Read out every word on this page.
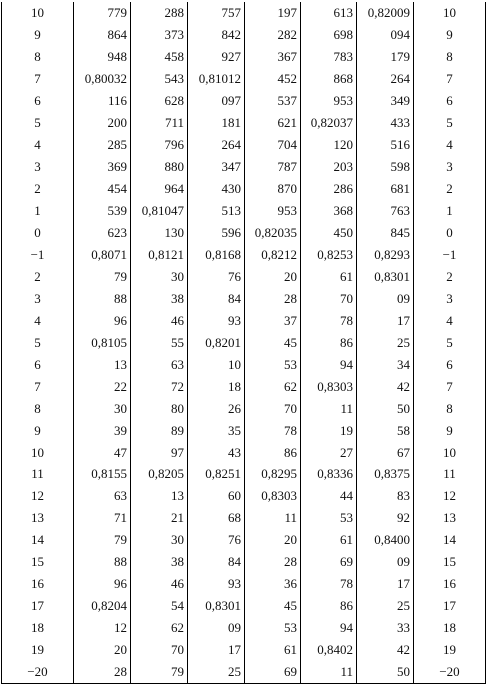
10	779	288	757	197	613	0,82009	10
9	864	373	842	282	698	094	9
8	948	458	927	367	783	179	8
7	0,80032	543	0,81012	452	868	264	7
6	116	628	097	537	953	349	6
5	200	711	181	621	0,82037	433	5
4	285	796	264	704	120	516	4
3	369	880	347	787	203	598	3
2	454	964	430	870	286	681	2
1	539	0,81047	513	953	368	763	1
0	623	130	596	0,82035	450	845	0
−1	0,8071	0,8121	0,8168	0,8212	0,8253	0,8293	−1
2	79	30	76	20	61	0,8301	2
3	88	38	84	28	70	09	3
4	96	46	93	37	78	17	4
5	0,8105	55	0,8201	45	86	25	5
6	13	63	10	53	94	34	6
7	22	72	18	62	0,8303	42	7
8	30	80	26	70	11	50	8
9	39	89	35	78	19	58	9
10	47	97	43	86	27	67	10
11	0,8155	0,8205	0,8251	0,8295	0,8336	0,8375	11
12	63	13	60	0,8303	44	83	12
13	71	21	68	11	53	92	13
14	79	30	76	20	61	0,8400	14
15	88	38	84	28	69	09	15
16	96	46	93	36	78	17	16
17	0,8204	54	0,8301	45	86	25	17
18	12	62	09	53	94	33	18
19	20	70	17	61	0,8402	42	19
−20	28	79	25	69	11	50	−20
